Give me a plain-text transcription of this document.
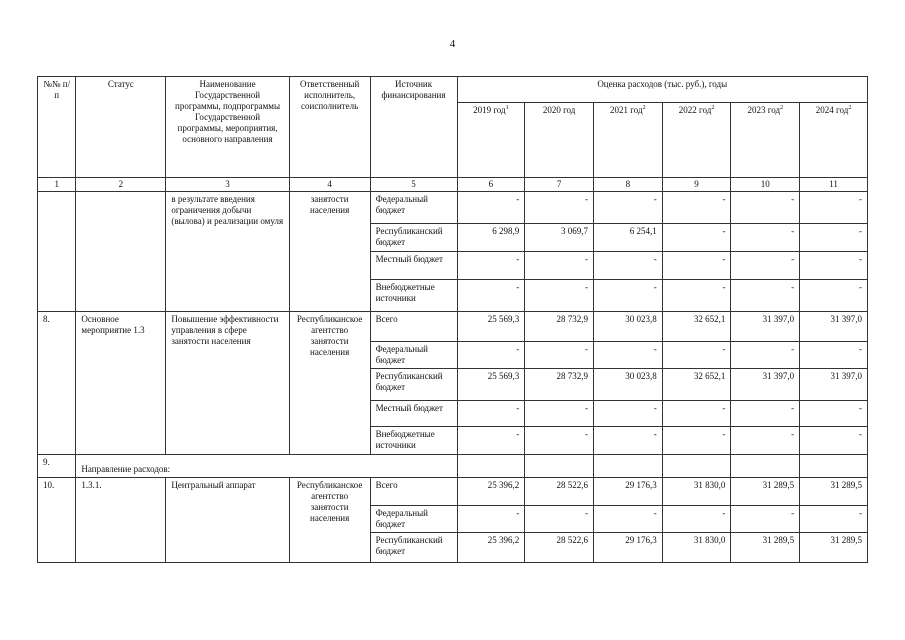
4
№№ п/п	Статус	Наименование Государственной программы, подпрограммы Государственной программы, мероприятия, основного направления	Ответственный исполнитель, соисполнитель	Источник финансирования	Оценка расходов (тыс. руб.), годы					
					2019 год$^1$	2020 год	2021 год$^2$	2022 год$^2$	2023 год$^2$	2024 год$^2$
1	2	3	4	5	6	7	8	9	10	11
		в результате введения ограничения добычи (вылова) и реализации омуля	занятости населения	Федеральный бюджет	-	-	-	-	-	-
				Республиканский бюджет	6 298,9	3 069,7	6 254,1	-	-	-
				Местный бюджет	-	-	-	-	-	-
				Внебюджетные источники	-	-	-	-	-	-
8.	Основное мероприятие 1.3	Повышение эффективности управления в сфере занятости населения	Республиканское агентство занятости населения	Всего	25 569,3	28 732,9	30 023,8	32 652,1	31 397,0	31 397,0
				Федеральный бюджет	-	-	-	-	-	-
				Республиканский бюджет	25 569,3	28 732,9	30 023,8	32 652,1	31 397,0	31 397,0
				Местный бюджет	-	-	-	-	-	-
				Внебюджетные источники	-	-	-	-	-	-
9.	Направление расходов:									
10.	1.3.1.	Центральный аппарат	Республиканское агентство занятости населения	Всего	25 396,2	28 522,6	29 176,3	31 830,0	31 289,5	31 289,5
				Федеральный бюджет	-	-	-	-	-	-
				Республиканский бюджет	25 396,2	28 522,6	29 176,3	31 830,0	31 289,5	31 289,5
